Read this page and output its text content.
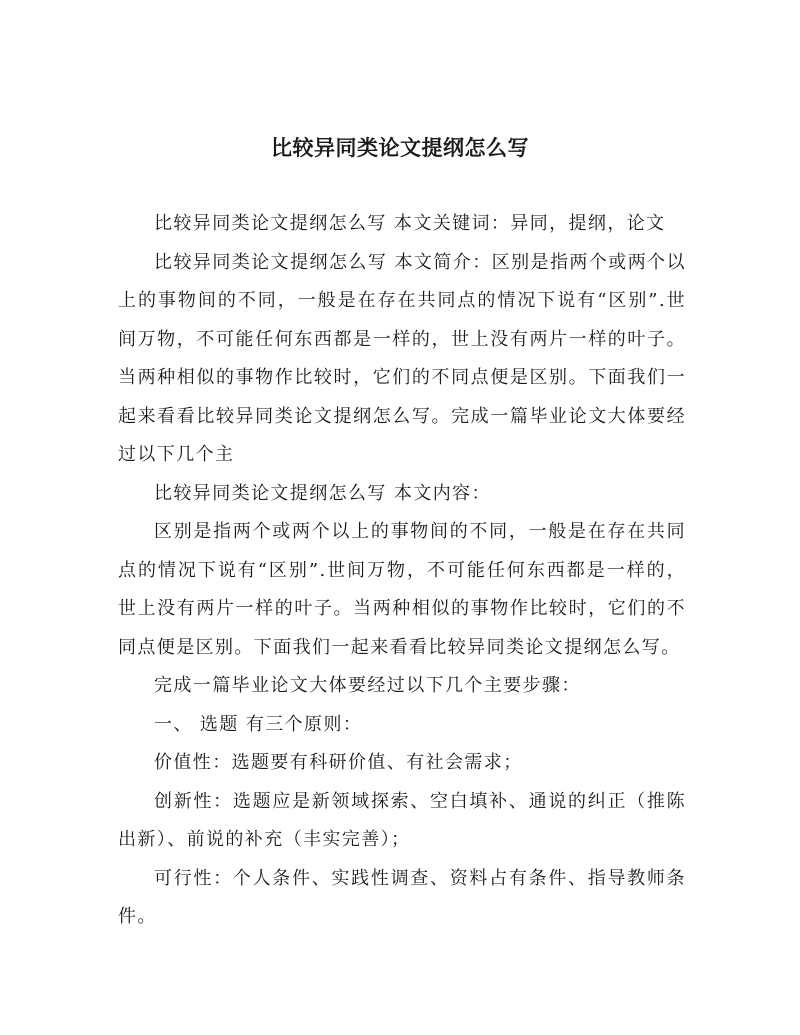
比较异同类论文提纲怎么写

比较异同类论文提纲怎么写 本文关键词：异同，提纲，论文

比较异同类论文提纲怎么写 本文简介：区别是指两个或两个以上的事物间的不同，一般是在存在共同点的情况下说有“区别”.世间万物，不可能任何东西都是一样的，世上没有两片一样的叶子。当两种相似的事物作比较时，它们的不同点便是区别。下面我们一起来看看比较异同类论文提纲怎么写。完成一篇毕业论文大体要经过以下几个主

比较异同类论文提纲怎么写 本文内容：

区别是指两个或两个以上的事物间的不同，一般是在存在共同点的情况下说有“区别”.世间万物，不可能任何东西都是一样的，世上没有两片一样的叶子。当两种相似的事物作比较时，它们的不同点便是区别。下面我们一起来看看比较异同类论文提纲怎么写。

完成一篇毕业论文大体要经过以下几个主要步骤：

一、 选题 有三个原则：

价值性：选题要有科研价值、有社会需求；

创新性：选题应是新领域探索、空白填补、通说的纠正（推陈出新）、前说的补充（丰实完善）；

可行性：个人条件、实践性调查、资料占有条件、指导教师条件。
